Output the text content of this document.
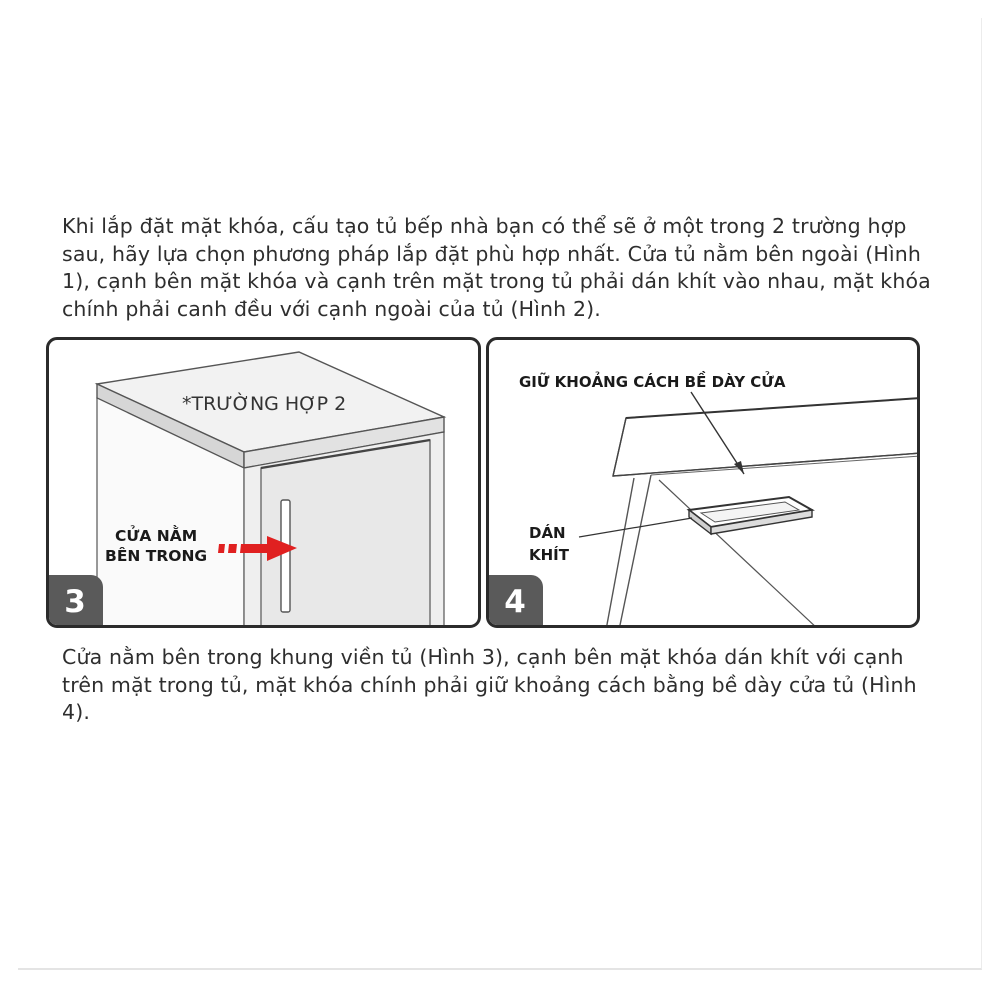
Khi lắp đặt mặt khóa, cấu tạo tủ bếp nhà bạn có thể sẽ ở một trong 2 trường hợp sau, hãy lựa chọn phương pháp lắp đặt phù hợp nhất. Cửa tủ nằm bên ngoài (Hình 1), cạnh bên mặt khóa và cạnh trên mặt trong tủ phải dán khít vào nhau, mặt khóa chính phải canh đều với cạnh ngoài của tủ (Hình 2).

*TRƯỜNG HỢP 2
CỬA NẰM
BÊN TRONG
3
GIỮ KHOẢNG CÁCH BỀ DÀY CỬA
DÁN
KHÍT
4

Cửa nằm bên trong khung viền tủ (Hình 3), cạnh bên mặt khóa dán khít với cạnh trên mặt trong tủ, mặt khóa chính phải giữ khoảng cách bằng bề dày cửa tủ (Hình 4).
